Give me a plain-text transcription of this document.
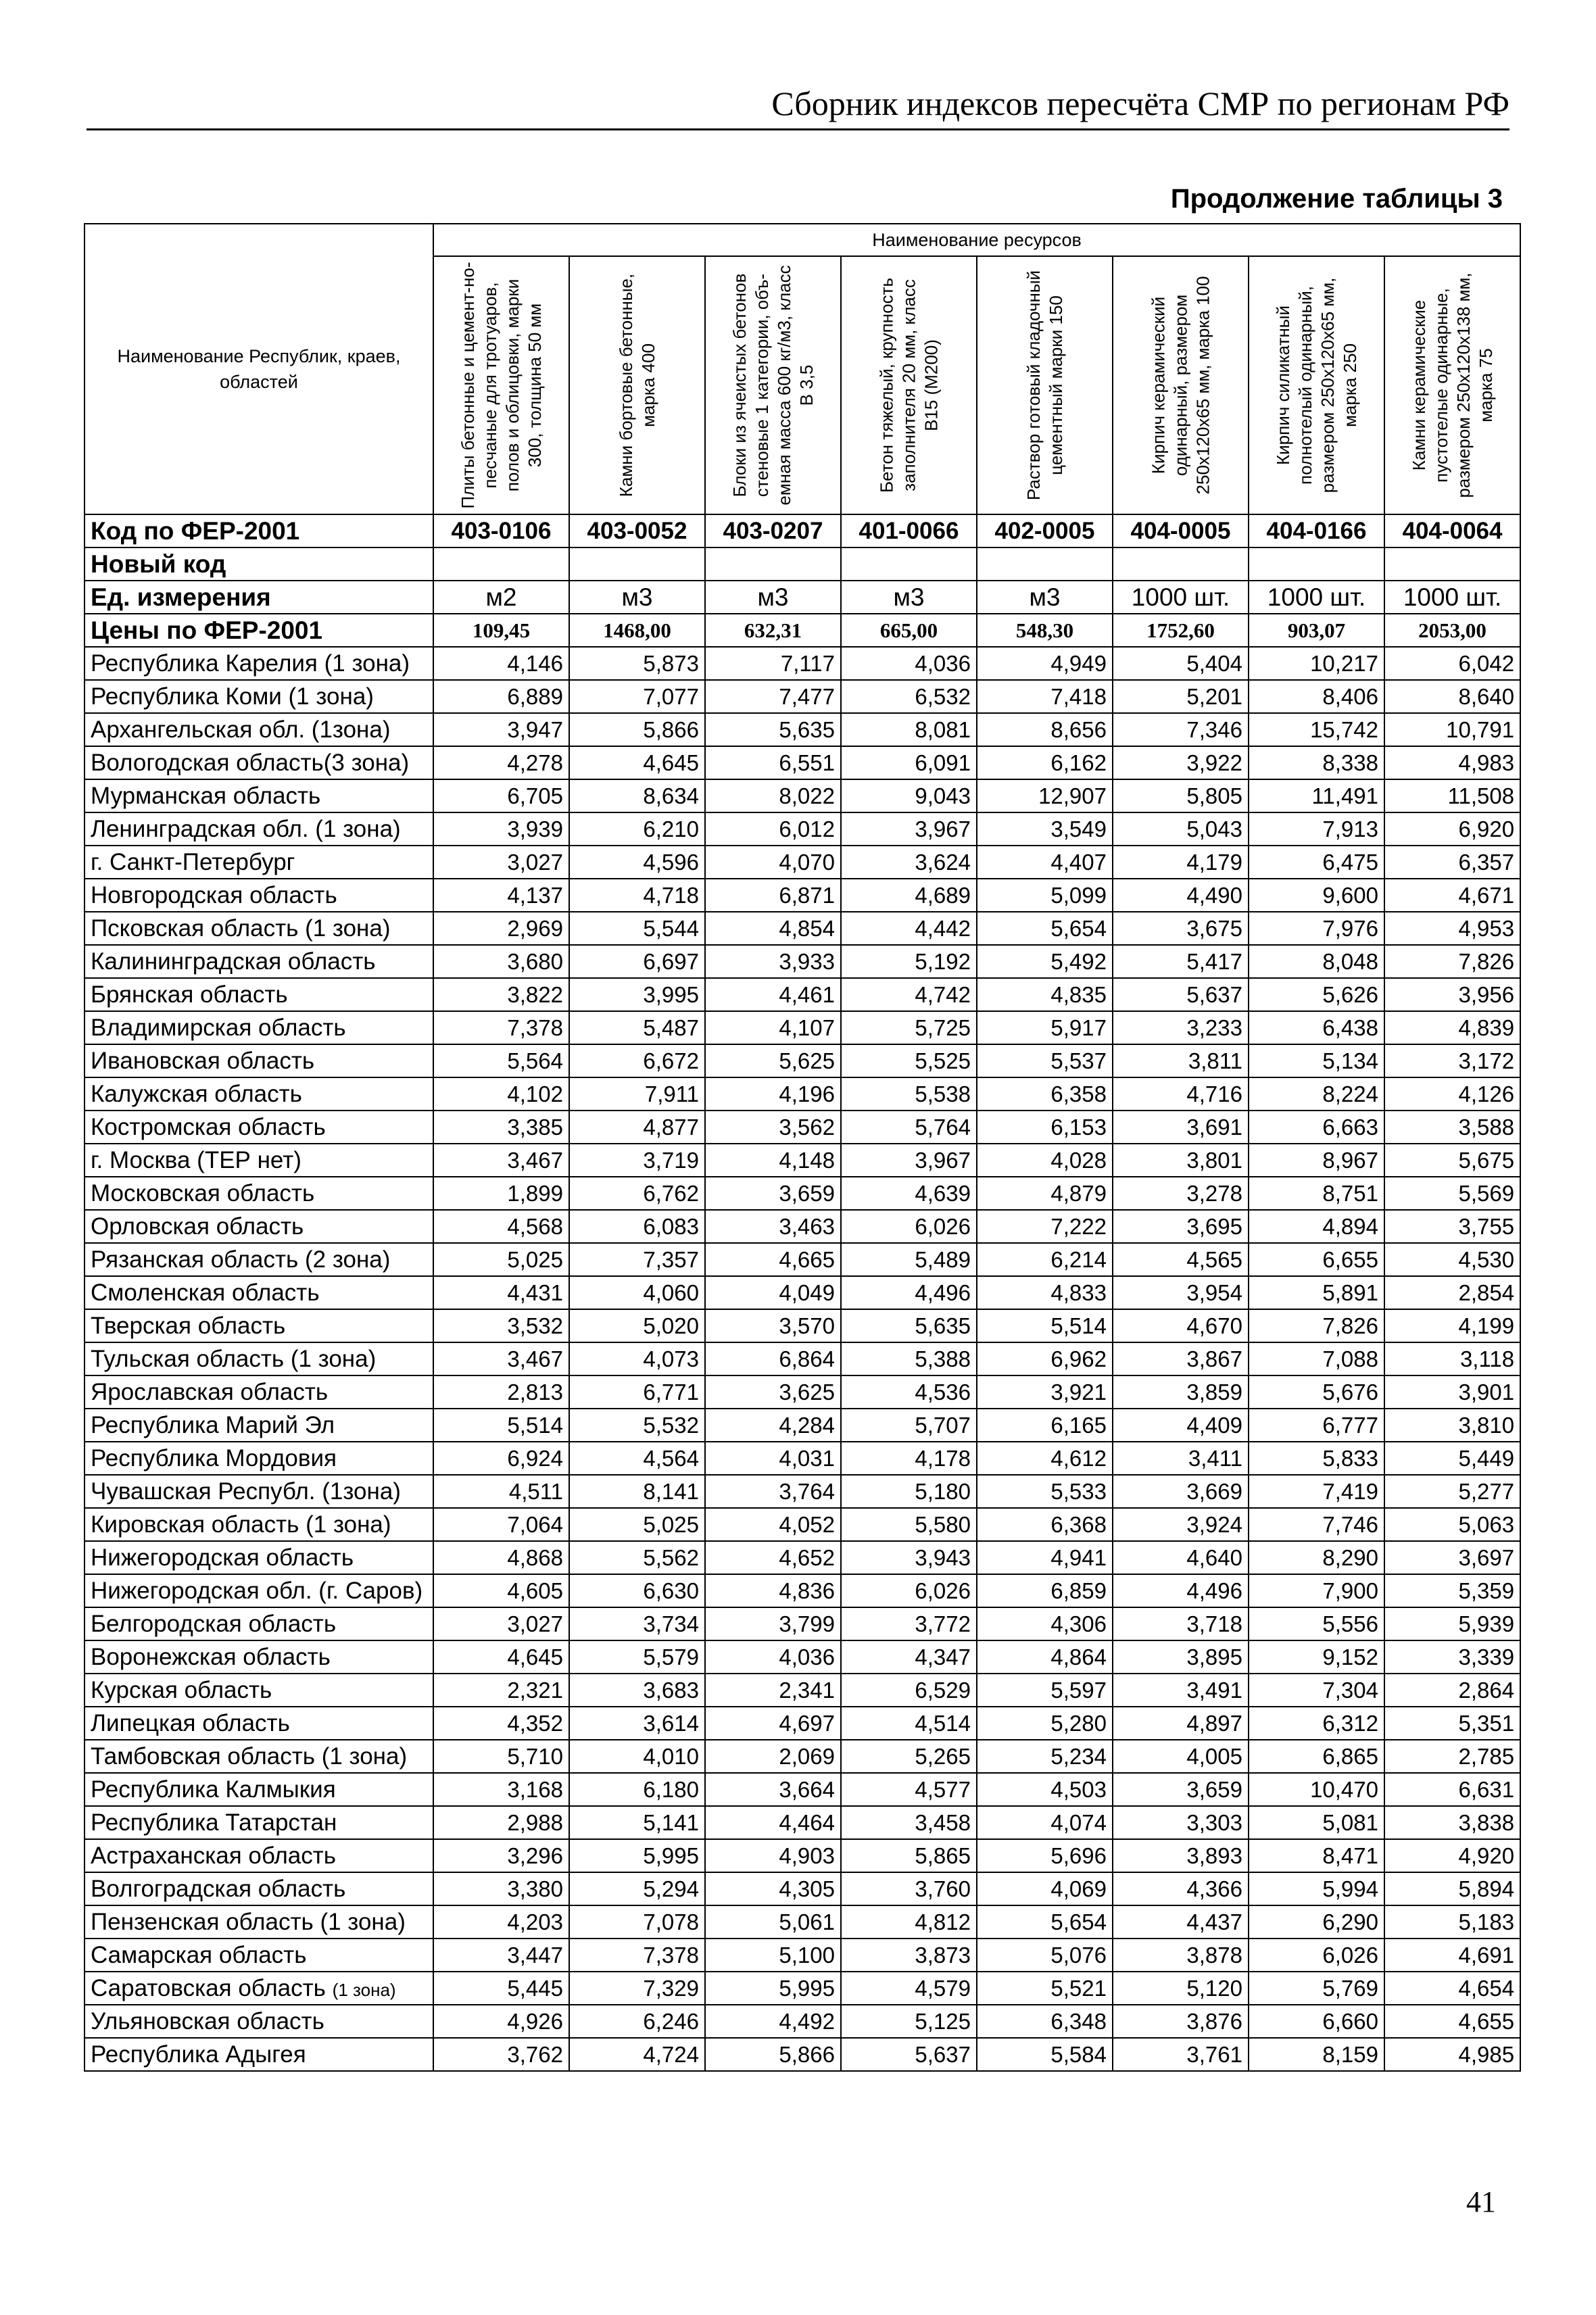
Сборник индексов пересчёта СМР по регионам РФ
Продолжение таблицы 3
Наименование Республик, краев, областей	Наименование ресурсов							

	Плиты бетонные и цемент-но-песчаные для тротуаров, полов и облицовки, марки 300, толщина 50 мм	Камни бортовые бетонные, марка 400	Блоки из ячеистых бетонов стеновые 1 категории, объ-емная масса 600 кг/м3, класс В 3,5	Бетон тяжелый, крупность заполнителя 20 мм, класс В15 (М200)	Раствор готовый кладочный цементный марки 150	Кирпич керамический одинарный, размером 250x120x65 мм, марка 100	Кирпич силикатный полнотелый одинарный, размером 250x120x65 мм, марка 250	Камни керамические пустотелые одинарные, размером 250x120x138 мм, марка 75

Код по ФЕР-2001	403-0106	403-0052	403-0207	401-0066	402-0005	404-0005	404-0166	404-0064
Новый код								
Ед. измерения	м2	м3	м3	м3	м3	1000 шт.	1000 шт.	1000 шт.
Цены по ФЕР-2001	109,45	1468,00	632,31	665,00	548,30	1752,60	903,07	2053,00
Республика Карелия (1 зона)	4,146	5,873	7,117	4,036	4,949	5,404	10,217	6,042
Республика Коми (1 зона)	6,889	7,077	7,477	6,532	7,418	5,201	8,406	8,640
Архангельская обл. (1зона)	3,947	5,866	5,635	8,081	8,656	7,346	15,742	10,791
Вологодская область(3 зона)	4,278	4,645	6,551	6,091	6,162	3,922	8,338	4,983
Мурманская область	6,705	8,634	8,022	9,043	12,907	5,805	11,491	11,508
Ленинградская обл. (1 зона)	3,939	6,210	6,012	3,967	3,549	5,043	7,913	6,920
г. Санкт-Петербург	3,027	4,596	4,070	3,624	4,407	4,179	6,475	6,357
Новгородская область	4,137	4,718	6,871	4,689	5,099	4,490	9,600	4,671
Псковская область (1 зона)	2,969	5,544	4,854	4,442	5,654	3,675	7,976	4,953
Калининградская область	3,680	6,697	3,933	5,192	5,492	5,417	8,048	7,826
Брянская область	3,822	3,995	4,461	4,742	4,835	5,637	5,626	3,956
Владимирская область	7,378	5,487	4,107	5,725	5,917	3,233	6,438	4,839
Ивановская область	5,564	6,672	5,625	5,525	5,537	3,811	5,134	3,172
Калужская область	4,102	7,911	4,196	5,538	6,358	4,716	8,224	4,126
Костромская область	3,385	4,877	3,562	5,764	6,153	3,691	6,663	3,588
г. Москва (ТЕР нет)	3,467	3,719	4,148	3,967	4,028	3,801	8,967	5,675
Московская область	1,899	6,762	3,659	4,639	4,879	3,278	8,751	5,569
Орловская область	4,568	6,083	3,463	6,026	7,222	3,695	4,894	3,755
Рязанская область (2 зона)	5,025	7,357	4,665	5,489	6,214	4,565	6,655	4,530
Смоленская область	4,431	4,060	4,049	4,496	4,833	3,954	5,891	2,854
Тверская область	3,532	5,020	3,570	5,635	5,514	4,670	7,826	4,199
Тульская область (1 зона)	3,467	4,073	6,864	5,388	6,962	3,867	7,088	3,118
Ярославская область	2,813	6,771	3,625	4,536	3,921	3,859	5,676	3,901
Республика Марий Эл	5,514	5,532	4,284	5,707	6,165	4,409	6,777	3,810
Республика Мордовия	6,924	4,564	4,031	4,178	4,612	3,411	5,833	5,449
Чувашская Республ. (1зона)	4,511	8,141	3,764	5,180	5,533	3,669	7,419	5,277
Кировская область (1 зона)	7,064	5,025	4,052	5,580	6,368	3,924	7,746	5,063
Нижегородская область	4,868	5,562	4,652	3,943	4,941	4,640	8,290	3,697
Нижегородская обл. (г. Саров)	4,605	6,630	4,836	6,026	6,859	4,496	7,900	5,359
Белгородская область	3,027	3,734	3,799	3,772	4,306	3,718	5,556	5,939
Воронежская область	4,645	5,579	4,036	4,347	4,864	3,895	9,152	3,339
Курская область	2,321	3,683	2,341	6,529	5,597	3,491	7,304	2,864
Липецкая область	4,352	3,614	4,697	4,514	5,280	4,897	6,312	5,351
Тамбовская область (1 зона)	5,710	4,010	2,069	5,265	5,234	4,005	6,865	2,785
Республика Калмыкия	3,168	6,180	3,664	4,577	4,503	3,659	10,470	6,631
Республика Татарстан	2,988	5,141	4,464	3,458	4,074	3,303	5,081	3,838
Астраханская область	3,296	5,995	4,903	5,865	5,696	3,893	8,471	4,920
Волгоградская область	3,380	5,294	4,305	3,760	4,069	4,366	5,994	5,894
Пензенская область (1 зона)	4,203	7,078	5,061	4,812	5,654	4,437	6,290	5,183
Самарская область	3,447	7,378	5,100	3,873	5,076	3,878	6,026	4,691
Саратовская область (1 зона)	5,445	7,329	5,995	4,579	5,521	5,120	5,769	4,654
Ульяновская область	4,926	6,246	4,492	5,125	6,348	3,876	6,660	4,655
Республика Адыгея	3,762	4,724	5,866	5,637	5,584	3,761	8,159	4,985
41
